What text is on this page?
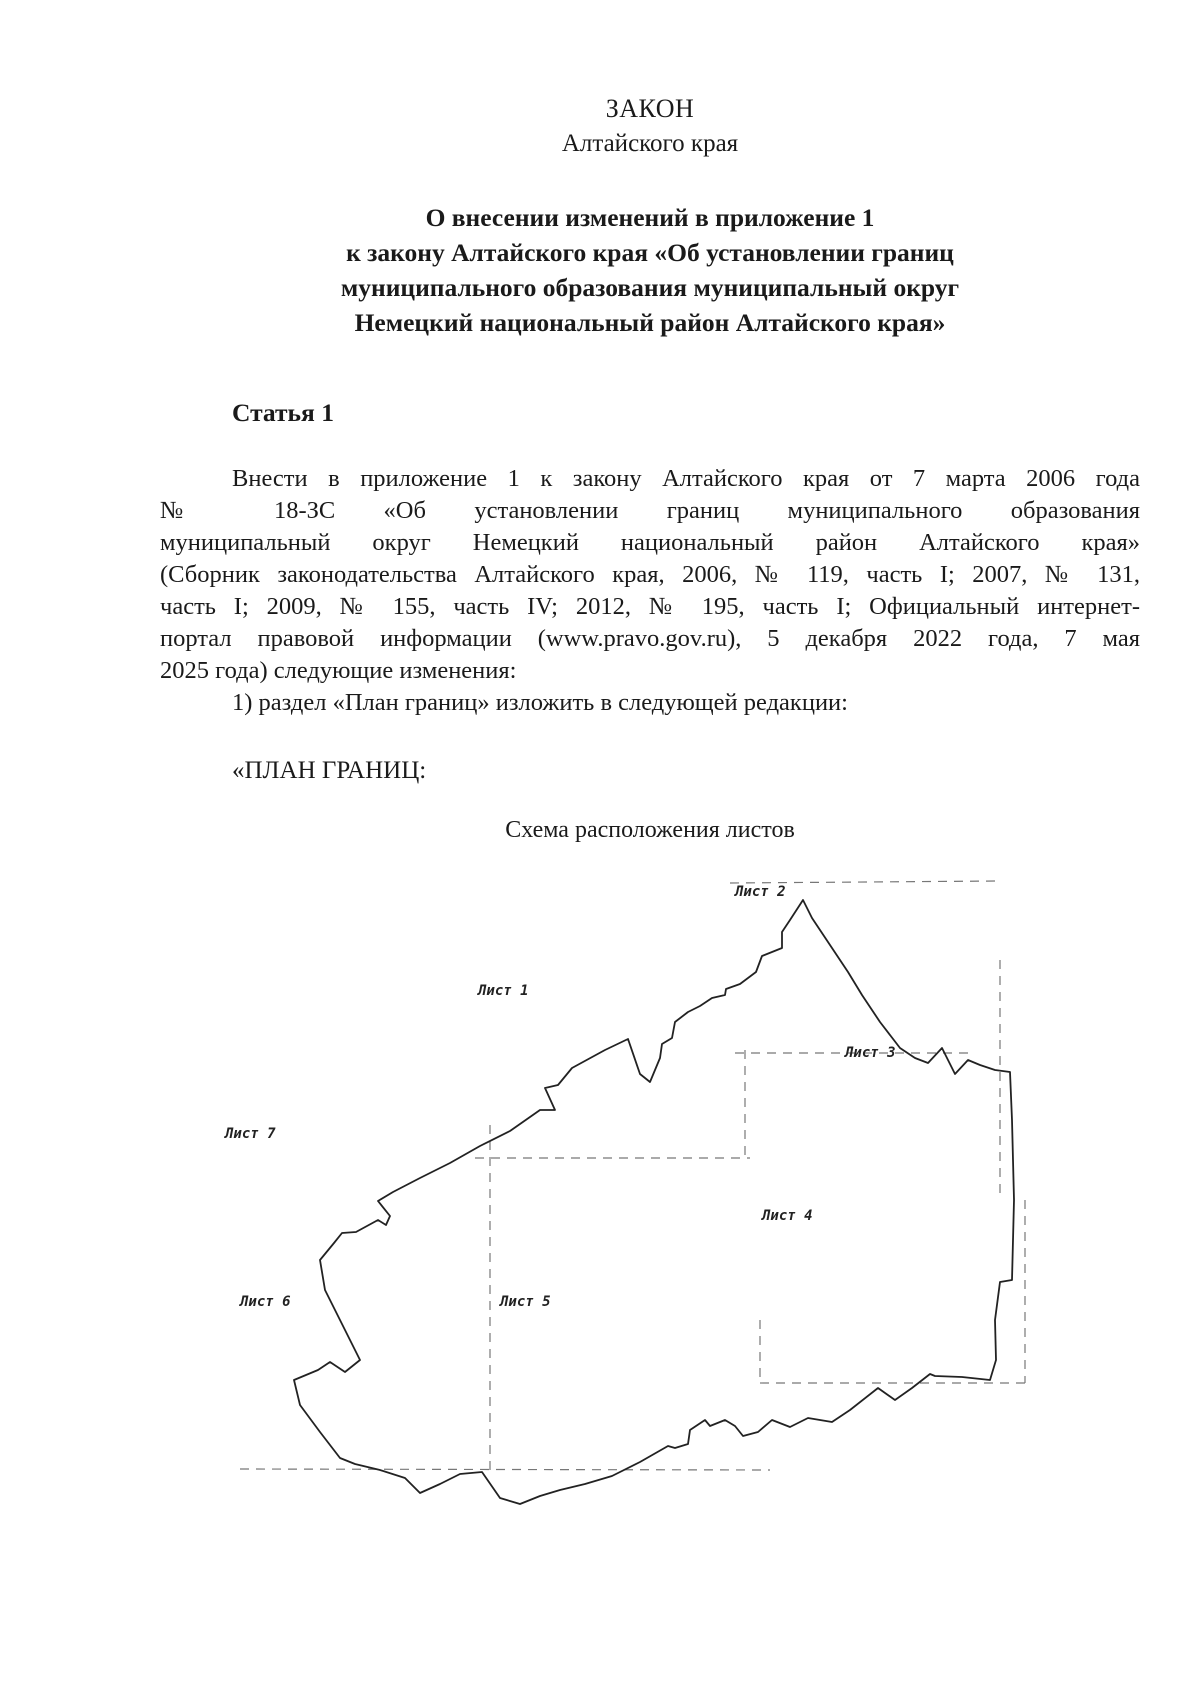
ЗАКОН
Алтайского края
О внесении изменений в приложение 1
к закону Алтайского края «Об установлении границ
муниципального образования муниципальный округ
Немецкий национальный район Алтайского края»
Статья 1
Внести в приложение 1 к закону Алтайского края от 7 марта 2006 года
№ 18-ЗС «Об установлении границ муниципального образования
муниципальный округ Немецкий национальный район Алтайского края»
(Сборник законодательства Алтайского края, 2006, № 119, часть I; 2007, № 131,
часть I; 2009, № 155, часть IV; 2012, № 195, часть I; Официальный интернет-
портал правовой информации (www.pravo.gov.ru), 5 декабря 2022 года, 7 мая
2025 года) следующие изменения:
1) раздел «План границ» изложить в следующей редакции:
«ПЛАН ГРАНИЦ:
Схема расположения листов
Лист 2
Лист 1
Лист 3
Лист 7
Лист 4
Лист 6	Лист 5
